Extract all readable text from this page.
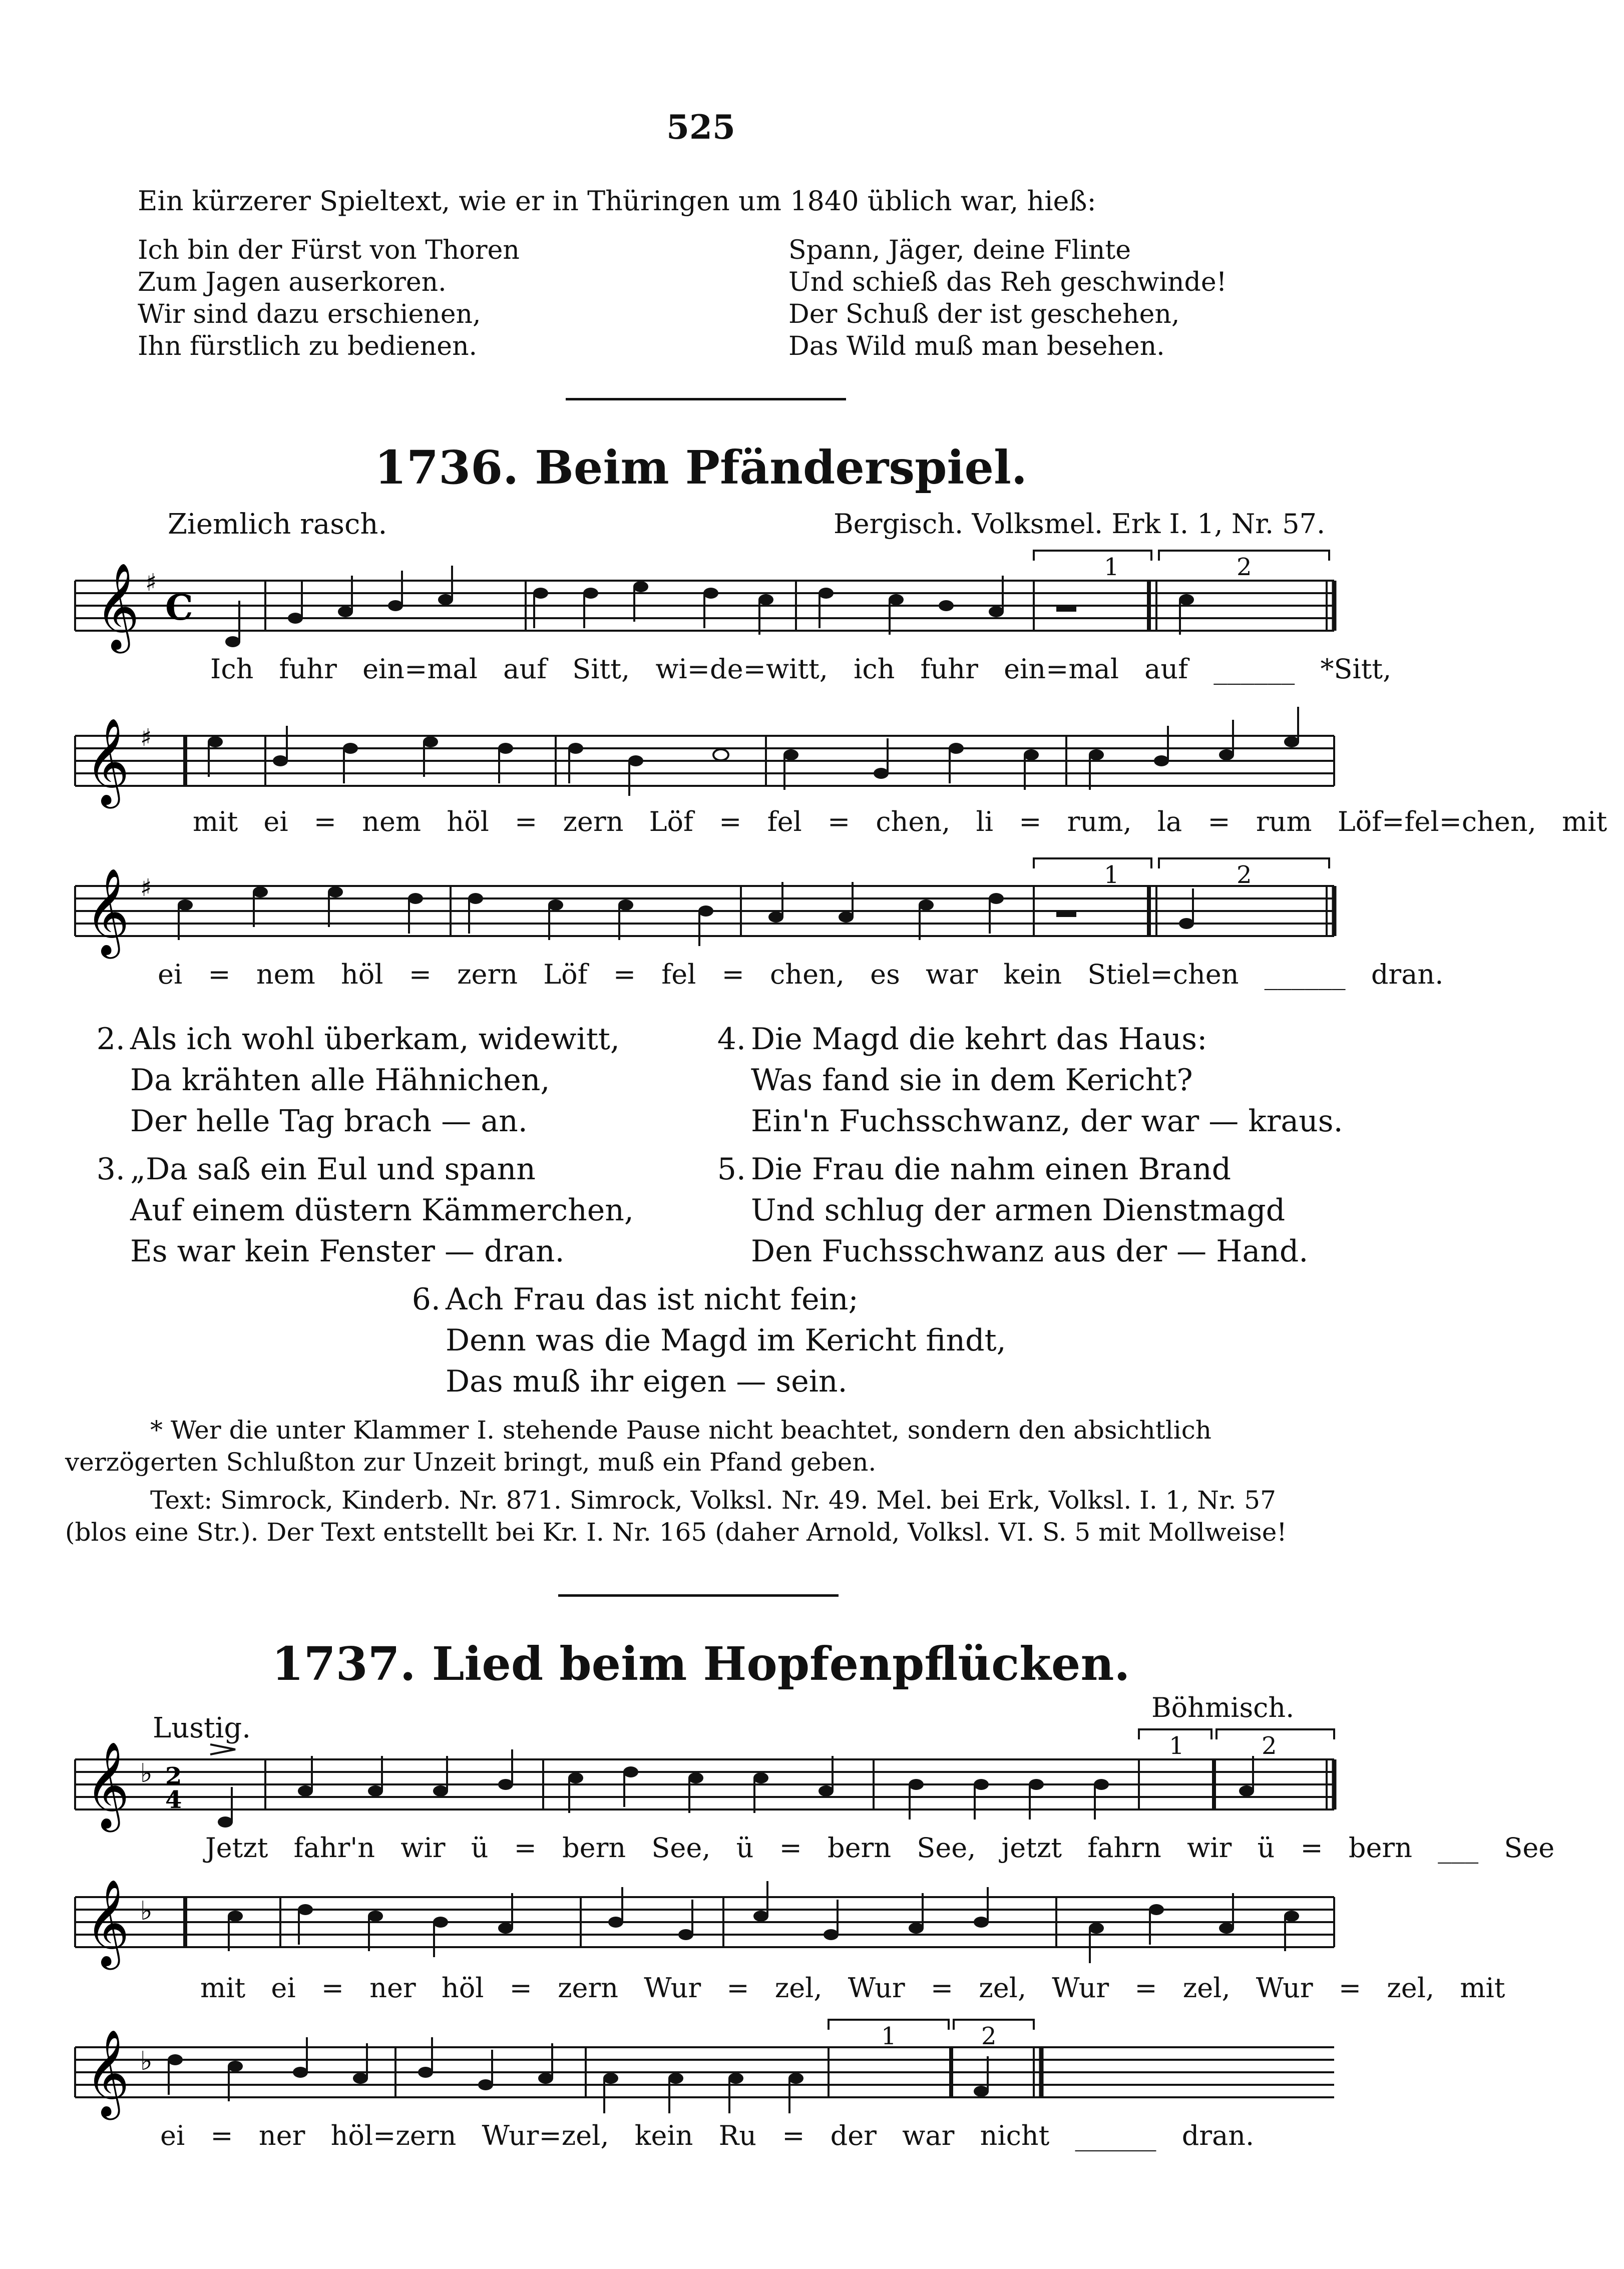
525
Ein kürzerer Spieltext, wie er in Thüringen um 1840 üblich war, hieß:
Ich bin der Fürst von Thoren
Zum Jagen auserkoren.
Wir sind dazu erschienen,
Ihn fürstlich zu bedienen.
Spann, Jäger, deine Flinte
Und schieß das Reh geschwinde!
Der Schuß der ist geschehen,
Das Wild muß man besehen.
1736. Beim Pfänderspiel.
Ziemlich rasch.	Bergisch. Volksmel. Erk I. 1, Nr. 57.
𝄞 ♯
C
1	2
Ich fuhr ein=mal auf Sitt, wi=de=witt, ich fuhr ein=mal auf ______ *Sitt,
𝄞 ♯
mit ei = nem höl = zern Löf = fel = chen, li = rum, la = rum Löf=fel=chen, mit
𝄞 ♯	1	2
ei = nem höl = zern Löf = fel = chen, es war kein Stiel=chen ______ dran.
2. Als ich wohl überkam, widewitt,
Da krähten alle Hähnichen,
Der helle Tag brach — an.
3. „Da saß ein Eul und spann
Auf einem düstern Kämmerchen,
Es war kein Fenster — dran.
4. Die Magd die kehrt das Haus:
Was fand sie in dem Kericht?
Ein'n Fuchsschwanz, der war — kraus.
5. Die Frau die nahm einen Brand
Und schlug der armen Dienstmagd
Den Fuchsschwanz aus der — Hand.
6. Ach Frau das ist nicht fein;
Denn was die Magd im Kericht findt,
Das muß ihr eigen — sein.
* Wer die unter Klammer I. stehende Pause nicht beachtet, sondern den absichtlich verzögerten Schlußton zur Unzeit bringt, muß ein Pfand geben.
Text: Simrock, Kinderb. Nr. 871. Simrock, Volksl. Nr. 49. Mel. bei Erk, Volksl. I. 1, Nr. 57 (blos eine Str.). Der Text entstellt bei Kr. I. Nr. 165 (daher Arnold, Volksl. VI. S. 5 mit Mollweise!
1737. Lied beim Hopfenpflücken.
Lustig.
Böhmisch.
𝄞 ♭ 2
4
1	2
Jetzt fahr'n wir ü = bern See, ü = bern See, jetzt fahrn wir ü = bern ___ See
𝄞 ♭
mit ei = ner höl = zern Wur = zel, Wur = zel, Wur = zel, Wur = zel, mit
𝄞 ♭
1	2
ei = ner höl=zern Wur=zel, kein Ru = der war nicht ______ dran.
